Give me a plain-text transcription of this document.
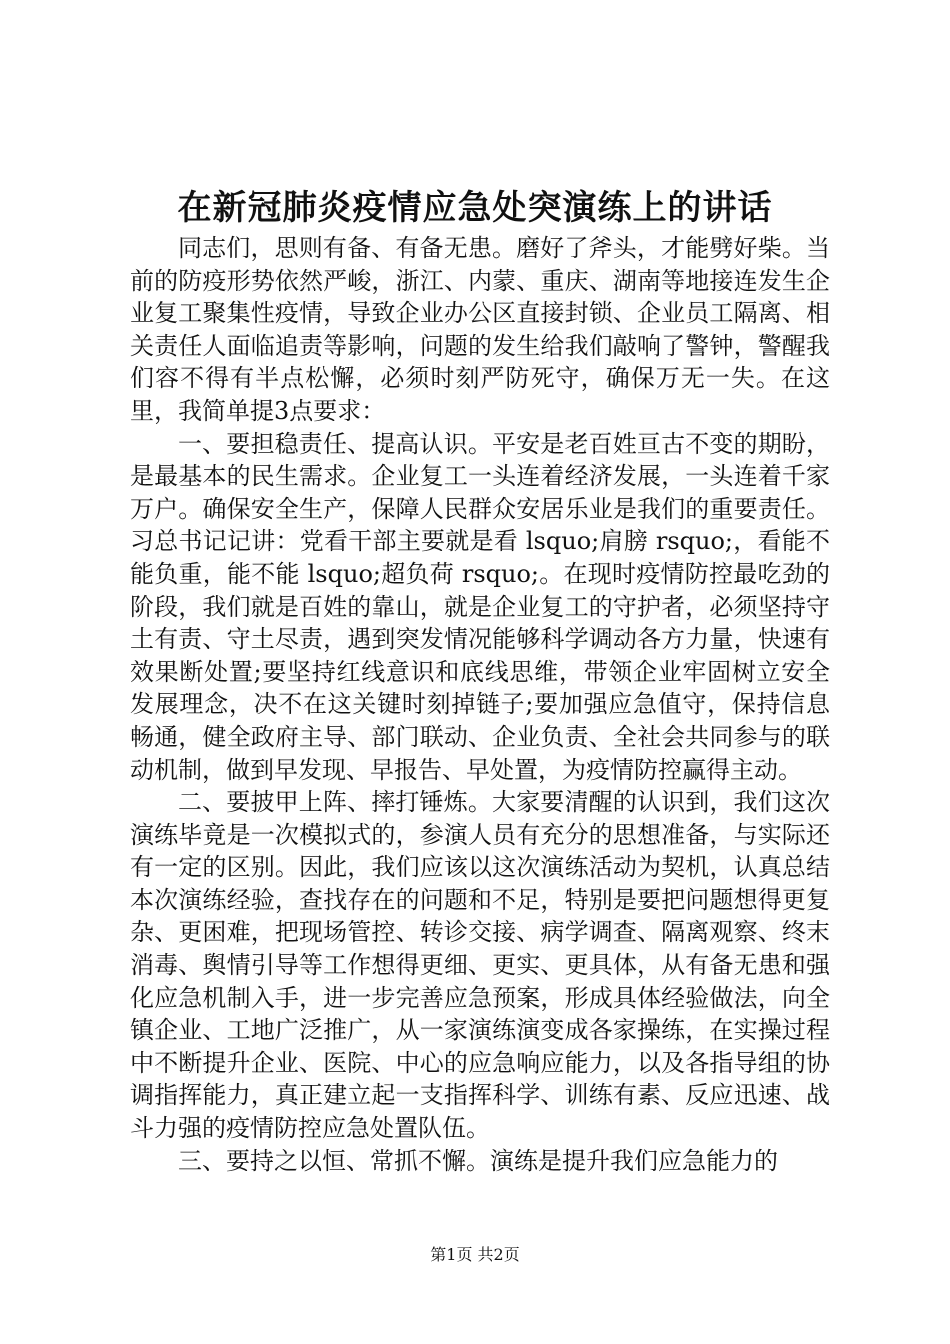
在新冠肺炎疫情应急处突演练上的讲话

同志们，思则有备、有备无患。磨好了斧头，才能劈好柴。当前的防疫形势依然严峻，浙江、内蒙、重庆、湖南等地接连发生企业复工聚集性疫情，导致企业办公区直接封锁、企业员工隔离、相关责任人面临追责等影响，问题的发生给我们敲响了警钟，警醒我们容不得有半点松懈，必须时刻严防死守，确保万无一失。在这里，我简单提3点要求：

一、要担稳责任、提高认识。平安是老百姓亘古不变的期盼，是最基本的民生需求。企业复工一头连着经济发展，一头连着千家万户。确保安全生产，保障人民群众安居乐业是我们的重要责任。习总书记记讲：党看干部主要就是看 lsquo;肩膀 rsquo;，看能不能负重，能不能 lsquo;超负荷 rsquo;。在现时疫情防控最吃劲的阶段，我们就是百姓的靠山，就是企业复工的守护者，必须坚持守土有责、守土尽责，遇到突发情况能够科学调动各方力量，快速有效果断处置;要坚持红线意识和底线思维，带领企业牢固树立安全发展理念，决不在这关键时刻掉链子;要加强应急值守，保持信息畅通，健全政府主导、部门联动、企业负责、全社会共同参与的联动机制，做到早发现、早报告、早处置，为疫情防控赢得主动。

二、要披甲上阵、摔打锤炼。大家要清醒的认识到，我们这次演练毕竟是一次模拟式的，参演人员有充分的思想准备，与实际还有一定的区别。因此，我们应该以这次演练活动为契机，认真总结本次演练经验，查找存在的问题和不足，特别是要把问题想得更复杂、更困难，把现场管控、转诊交接、病学调查、隔离观察、终末消毒、舆情引导等工作想得更细、更实、更具体，从有备无患和强化应急机制入手，进一步完善应急预案，形成具体经验做法，向全镇企业、工地广泛推广，从一家演练演变成各家操练，在实操过程中不断提升企业、医院、中心的应急响应能力，以及各指导组的协调指挥能力，真正建立起一支指挥科学、训练有素、反应迅速、战斗力强的疫情防控应急处置队伍。

三、要持之以恒、常抓不懈。演练是提升我们应急能力的

第1页 共2页
